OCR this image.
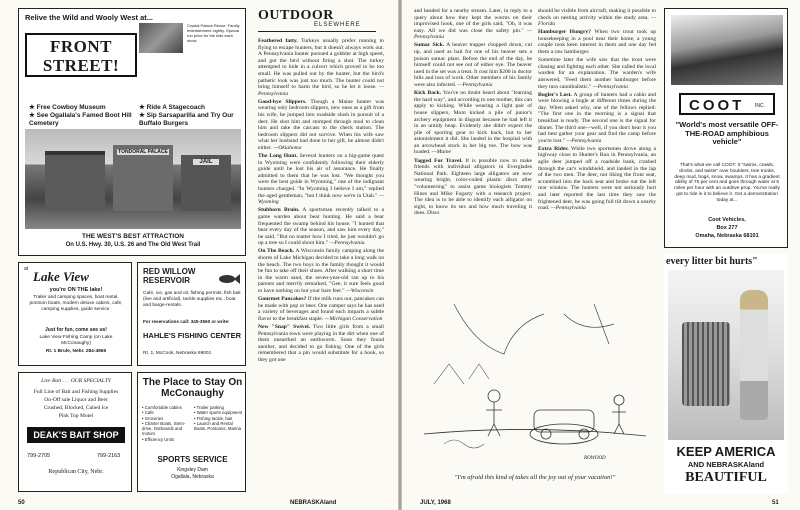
Relive the Wild and Wooly West at...
Crystal Palace Revue. Family entertainment nightly. Special run price for the kids each show.
FRONT STREET!
★ Free Cowboy Museum	★ Ride A Stagecoach
★ See Ogallala's Famed Boot Hill Cemetery
★ Sip Sarsaparilla and Try Our Buffalo Burgers
TONDORAL PALACE
JAIL
THE WEST'S BEST ATTRACTION
On U.S. Hwy. 30, U.S. 26 and The Old West Trail
OUTDOOR
ELSEWHERE

Feathered fatty. Turkeys usually prefer running to flying to escape hunters, but it doesn't always work out. A Pennsylvania hunter pursued a gobbler at high speed, and got the bird without firing a shot. The turkey attempted to hide in a culvert which proved to be too small. He was pulled out by the hunter, but the bird's pathetic look was just too much. The hunter could not bring himself to harm the bird, so he let it loose. —Pennsylvania

Good-bye Slippers. Though a Maine hunter was wearing only bedroom slippers, new ones as a gift from his wife, he jumped into roadside slush in pursuit of a deer. He shot him and stomped through mud to clean him and take the carcass to the check station. The bedroom slippers did not survive. When his wife saw what her husband had done to her gift, he almost didn't either. —Oklahoma

The Long Hunt. Several hunters on a big-game quest in Wyoming were confidently following their elderly guide until he lost his air of assurance. He finally admitted to them that he was lost. "We thought you were the best guide in Wyoming," one of the indignant hunters charged. "In Wyoming I believe I am," replied the aged gentleman, "but I think now we're in Utah." —Wyoming

Stubborn Bruin. A sportsman recently talked to a game warden about bear hunting. He said a bear frequented the swamp behind his house. "I hunted that bear every day of the season, and saw him every day," he said. "But no matter how I tried, he just wouldn't go up a tree so I could shoot him." —Pennsylvania

On The Beach. A Wisconsin family camping along the shores of Lake Michigan decided to take a long walk on the beach. The two boys in the family thought it would be fun to take off their shoes. After walking a short time in the warm sand, the seven-year-old ran up to his parents and merrily remarked, "Gee, it sure feels good to have nothing on but your bare feet." —Wisconsin

Gourmet Pancakes? If the milk runs out, pancakes can be made with pop or beer. One camper says he has used a variety of beverages and found each imparts a subtle flavor to the breakfast staple. —Michigan Conservation

New "Snap" Swivel. Two little girls from a small Pennsylvania town were playing in the dirt when one of them unearthed an earthworm. Soon they found another, and decided to go fishing. One of the girls remembered that a pin would substitute for a hook, so they got one

at Lake View
you're ON THE lake!
Trailer and camping spaces, boat rental, pontoon boats, modern deluxe cabins, cafe, camping supplies, guide service.
Just for fun, come see us!
Lake View Fishing Camp (on Lake McConaughy)
Rt. 1 Brule, Nebr. 284-4965
RED WILLOW RESERVOIR
Cafe, ice, gas and oil, fishing permits, fish bait (live and artificial), tackle supplies etc., boat and barge-rentals.
For reservations call: 345-3560 or write:
HAHLE'S FISHING CENTER
Rt. 1, McCook, Nebraska 69001
Live Bait . . . OUR SPECIALTY
Full Line of Bait and Fishing Supplies
On-Off sale Liquor and Beer
Crushed, Blocked, Cubed Ice
Pink Top Motel
DEAK'S BAIT SHOP
799-2705	799-2163
Republican City, Nebr.
The Place to Stay On McConaughy
• Comfortable cabins
• Cafe
• Groceries
• Charter Boats, Stern-drive, Outboards and motors
• Efficiency Units
• Trailer parking
• Water sports equipment
• Fishing tackle, bait
• Launch and Rental Boats, Pontoons, Marina
SPORTS SERVICE
Kingsley Dam
Ogallala, Nebraska
50	NEBRASKAland

and headed for a nearby stream. Later, in reply to a query about how they kept the worms on their improvised hook, one of the girls said, "Oh, it was easy. All we did was close the safety pin." —Pennsylvania

Sumac Sick. A beaver trapper chopped down, cut up, and used as bait for one of his beaver sets a poison sumac plant. Before the end of the day, he himself could not see out of either eye. The beaver used in the set was a treat. It cost him $200 in doctor bills and loss of work. Other members of his family were also infected. —Pennsylvania

Kick Back. You've no doubt heard about "learning the hard way", and according to one mother, this can apply to kicking. While wearing a light pair of house slippers, Mom kicked a pile of junior's archery equipment in disgust because he had left it in an untidy heap. Evidently she didn't expect the pile of sporting gear to kick back, but to her astonishment it did. She landed in the hospital with an arrowhead stuck in her big toe. The bow was loaded. —Maine

Tagged For Travel. It is possible now to make friends with individual alligators in Everglades National Park. Eighteen large alligators are now wearing bright, color-coded plastic discs after "volunteering" to assist game biologists Tommy Hines and Mike Fogarty with a research project. The idea is to be able to identify each alligator on sight, to know its sex and how much traveling it does. Discs

should be visible from aircraft, making it possible to check on nesting activity within the study area. —Florida

Hamburger Hungry? When two trout took up housekeeping in a pool near their home, a young couple took keen interest in them and one day fed them a raw hamburger.

Sometime later the wife saw that the trout were chasing and fighting each other. She called the local warden for an explanation. The warden's wife answered, "Feed them another hamburger before they turn cannibalistic." —Pennsylvania

Bugler's Lost. A group of hunters had a cabin and were blowing a bugle at different times during the day. When asked why, one of the fellows replied: "The first one in the morning is a signal that breakfast is ready. The second one is the signal for dinner. The third one—well, if you don't hear it you had best gather your gear and find the camp before you're lost." —Pennsylvania

Extra Rider. While two sportsmen drove along a highway close to Hunter's Run in Pennsylvania, an agile deer jumped off a roadside bank, crashed through the car's windshield, and landed in the lap of the two men. The deer, not liking the front seat, scrambled into the back seat and broke out the left rear window. The hunters were not seriously hurt and later reported the last time they saw the frightened deer, he was going full tilt down a nearby road. —Pennsylvania

ROWOOD
"I'm afraid this kind of takes all the joy out of your vacation!"
COOT INC.
"World's most versatile OFF-THE-ROAD amphibious vehicle"
That's what we call COOT. It "swims, crawls, climbs, and twists" over boulders, tree trunks, deep mud, bogs, snow, swamps. It has a gradient ability of 75 per cent and goes through water at 5 miles per hour with an outdrive prop. You've really got to ride in it to believe it. Get a demonstration today at...
Coot Vehicles,
Box 277
Omaha, Nebraska 68101
every litter bit hurts"
KEEP AMERICA
AND NEBRASKAland
BEAUTIFUL
JULY, 1968	51
